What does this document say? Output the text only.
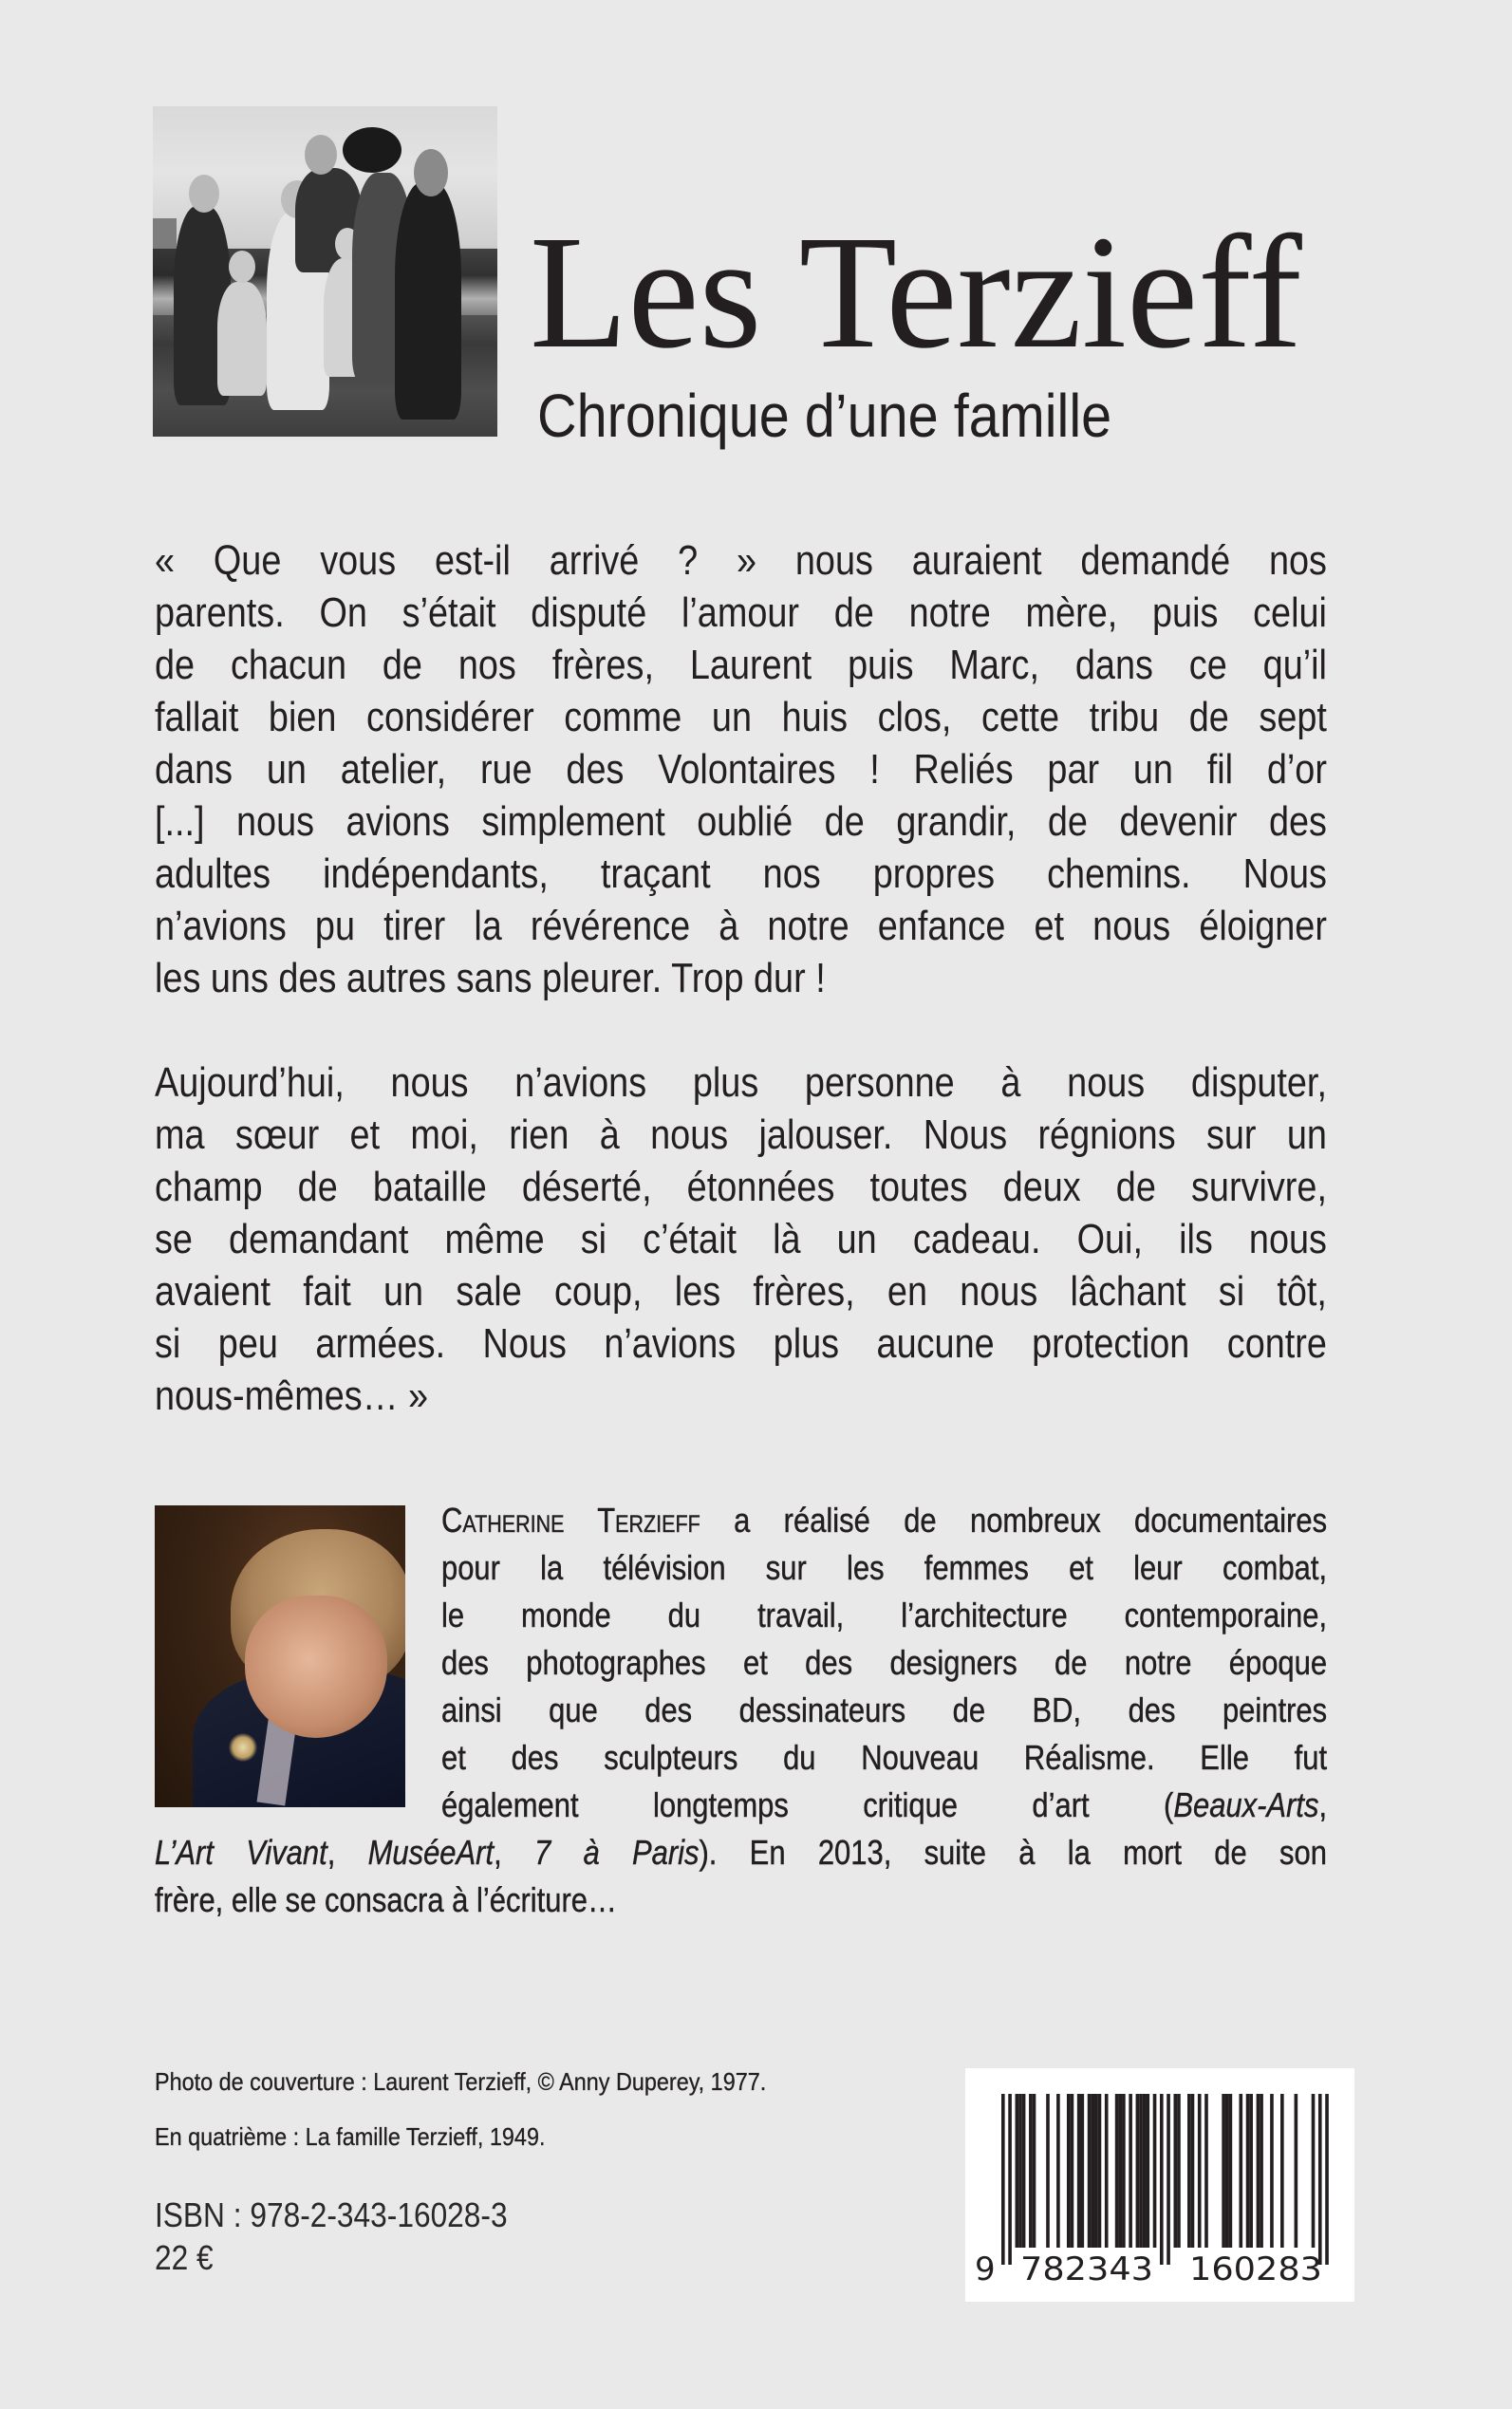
Les Terzieff
Chronique d’une famille
« Que vous est-il arrivé ? » nous auraient demandé nos
parents. On s’était disputé l’amour de notre mère, puis celui
de chacun de nos frères, Laurent puis Marc, dans ce qu’il
fallait bien considérer comme un huis clos, cette tribu de sept
dans un atelier, rue des Volontaires ! Reliés par un fil d’or
[...] nous avions simplement oublié de grandir, de devenir des
adultes indépendants, traçant nos propres chemins. Nous
n’avions pu tirer la révérence à notre enfance et nous éloigner
les uns des autres sans pleurer. Trop dur !
Aujourd’hui, nous n’avions plus personne à nous disputer,
ma sœur et moi, rien à nous jalouser. Nous régnions sur un
champ de bataille déserté, étonnées toutes deux de survivre,
se demandant même si c’était là un cadeau. Oui, ils nous
avaient fait un sale coup, les frères, en nous lâchant si tôt,
si peu armées. Nous n’avions plus aucune protection contre
nous-mêmes… »
Catherine Terzieff a réalisé de nombreux documentaires
pour la télévision sur les femmes et leur combat,
le monde du travail, l’architecture contemporaine,
des photographes et des designers de notre époque
ainsi que des dessinateurs de BD, des peintres
et des sculpteurs du Nouveau Réalisme. Elle fut
également longtemps critique d’art (Beaux-Arts,
L’Art Vivant, MuséeArt, 7 à Paris). En 2013, suite à la mort de son
frère, elle se consacra à l’écriture…
Photo de couverture : Laurent Terzieff, © Anny Duperey, 1977.
En quatrième : La famille Terzieff, 1949.
ISBN : 978-2-343-16028-3
22 €	9 782343 160283
